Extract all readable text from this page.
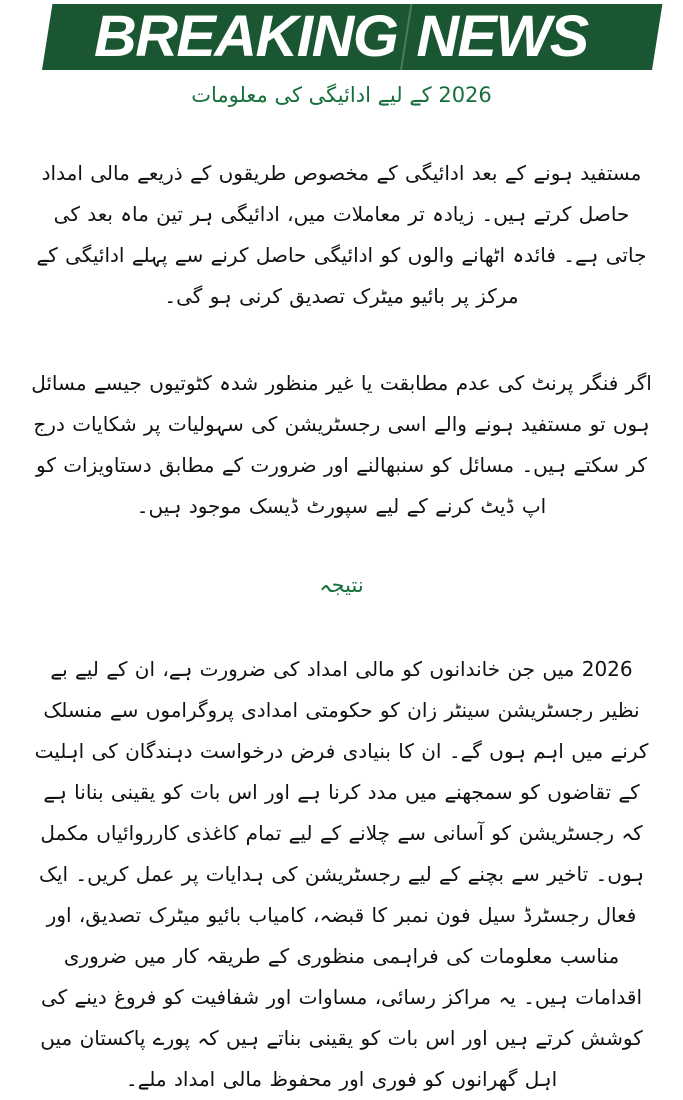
BREAKING NEWS
2026 کے لیے ادائیگی کی معلومات

مستفید ہونے کے بعد ادائیگی کے مخصوص طریقوں کے ذریعے مالی امداد حاصل کرتے ہیں۔ زیادہ تر معاملات میں، ادائیگی ہر تین ماہ بعد کی جاتی ہے۔ فائدہ اٹھانے والوں کو ادائیگی حاصل کرنے سے پہلے ادائیگی کے مرکز پر بائیو میٹرک تصدیق کرنی ہو گی۔

اگر فنگر پرنٹ کی عدم مطابقت یا غیر منظور شدہ کٹوتیوں جیسے مسائل ہوں تو مستفید ہونے والے اسی رجسٹریشن کی سہولیات پر شکایات درج کر سکتے ہیں۔ مسائل کو سنبھالنے اور ضرورت کے مطابق دستاویزات کو اپ ڈیٹ کرنے کے لیے سپورٹ ڈیسک موجود ہیں۔

نتیجہ

2026 میں جن خاندانوں کو مالی امداد کی ضرورت ہے، ان کے لیے بے نظیر رجسٹریشن سینٹر زان کو حکومتی امدادی پروگراموں سے منسلک کرنے میں اہم ہوں گے۔ ان کا بنیادی فرض درخواست دہندگان کی اہلیت کے تقاضوں کو سمجھنے میں مدد کرنا ہے اور اس بات کو یقینی بنانا ہے کہ رجسٹریشن کو آسانی سے چلانے کے لیے تمام کاغذی کارروائیاں مکمل ہوں۔ تاخیر سے بچنے کے لیے رجسٹریشن کی ہدایات پر عمل کریں۔ ایک فعال رجسٹرڈ سیل فون نمبر کا قبضہ، کامیاب بائیو میٹرک تصدیق، اور مناسب معلومات کی فراہمی منظوری کے طریقہ کار میں ضروری اقدامات ہیں۔ یہ مراکز رسائی، مساوات اور شفافیت کو فروغ دینے کی کوشش کرتے ہیں اور اس بات کو یقینی بناتے ہیں کہ پورے پاکستان میں اہل گھرانوں کو فوری اور محفوظ مالی امداد ملے۔
